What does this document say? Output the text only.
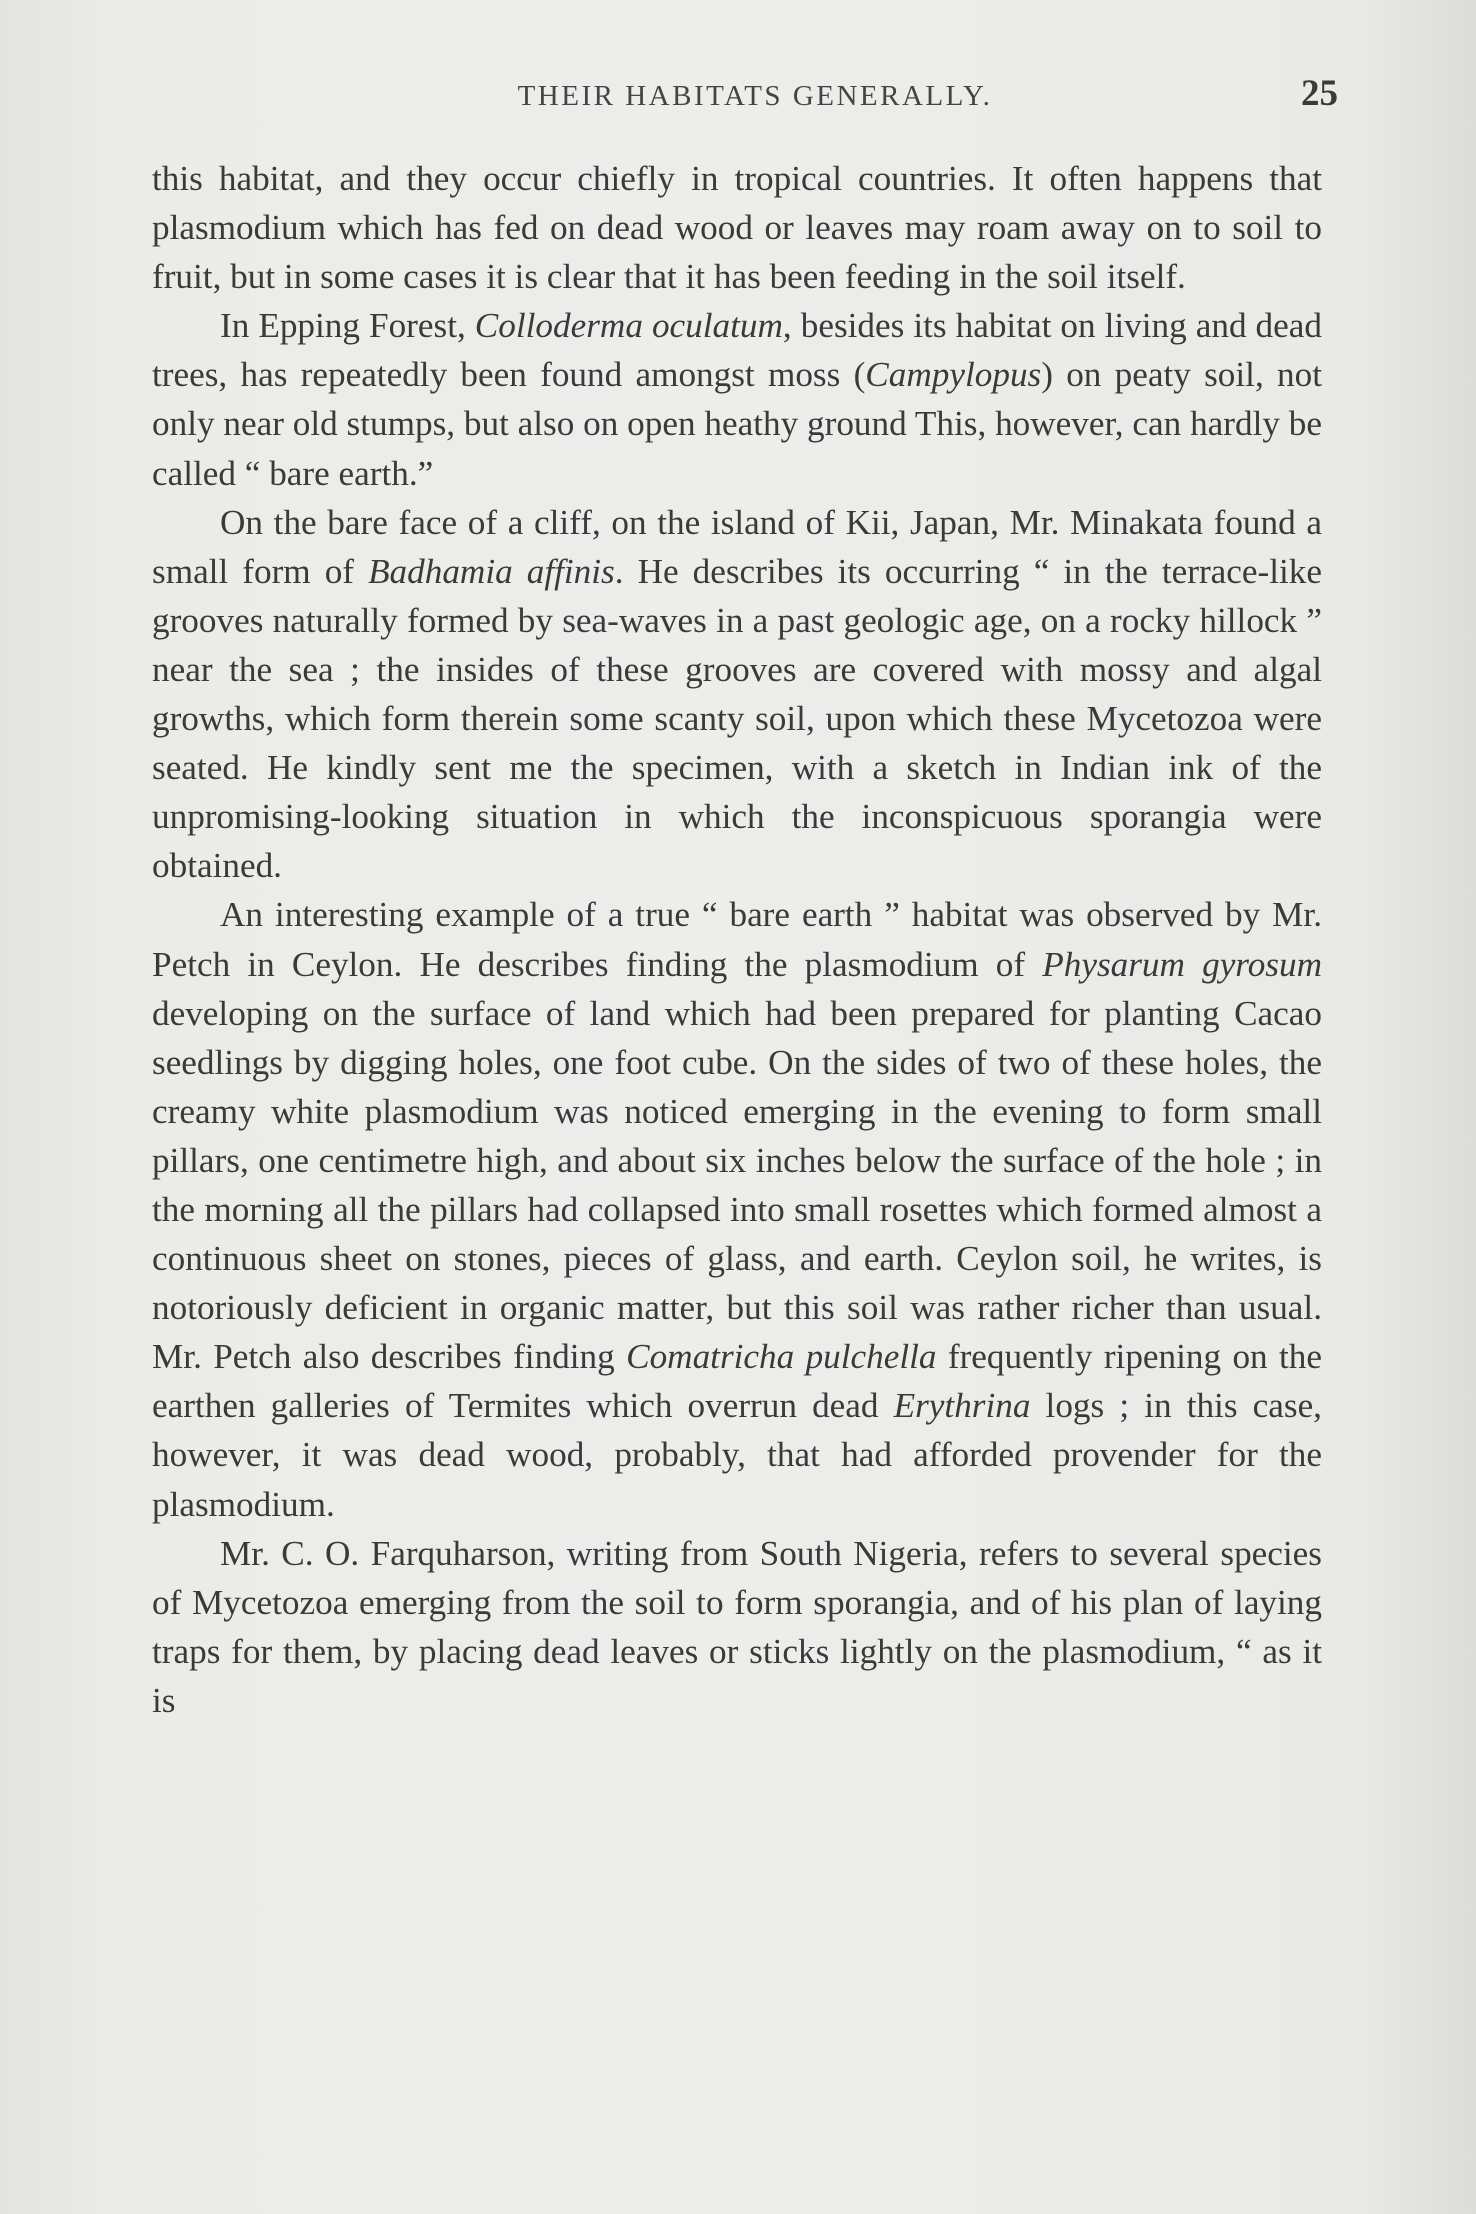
THEIR HABITATS GENERALLY.	25

this habitat, and they occur chiefly in tropical countries. It often happens that plasmodium which has fed on dead wood or leaves may roam away on to soil to fruit, but in some cases it is clear that it has been feeding in the soil itself.

In Epping Forest, Colloderma oculatum, besides its habitat on living and dead trees, has repeatedly been found amongst moss (Campylopus) on peaty soil, not only near old stumps, but also on open heathy ground This, however, can hardly be called “ bare earth.”

On the bare face of a cliff, on the island of Kii, Japan, Mr. Minakata found a small form of Badhamia affinis. He describes its occurring “ in the terrace-like grooves naturally formed by sea-waves in a past geologic age, on a rocky hillock ” near the sea ; the insides of these grooves are covered with mossy and algal growths, which form therein some scanty soil, upon which these Mycetozoa were seated. He kindly sent me the specimen, with a sketch in Indian ink of the unpromising-looking situation in which the inconspicuous sporangia were obtained.

An interesting example of a true “ bare earth ” habitat was observed by Mr. Petch in Ceylon. He describes finding the plasmodium of Physarum gyrosum developing on the surface of land which had been prepared for planting Cacao seedlings by digging holes, one foot cube. On the sides of two of these holes, the creamy white plasmodium was noticed emerging in the evening to form small pillars, one centimetre high, and about six inches below the surface of the hole ; in the morning all the pillars had collapsed into small rosettes which formed almost a continuous sheet on stones, pieces of glass, and earth. Ceylon soil, he writes, is notoriously deficient in organic matter, but this soil was rather richer than usual. Mr. Petch also describes finding Comatricha pulchella frequently ripening on the earthen galleries of Termites which overrun dead Erythrina logs ; in this case, however, it was dead wood, probably, that had afforded provender for the plasmodium.

Mr. C. O. Farquharson, writing from South Nigeria, refers to several species of Mycetozoa emerging from the soil to form sporangia, and of his plan of laying traps for them, by placing dead leaves or sticks lightly on the plasmodium, “ as it is
